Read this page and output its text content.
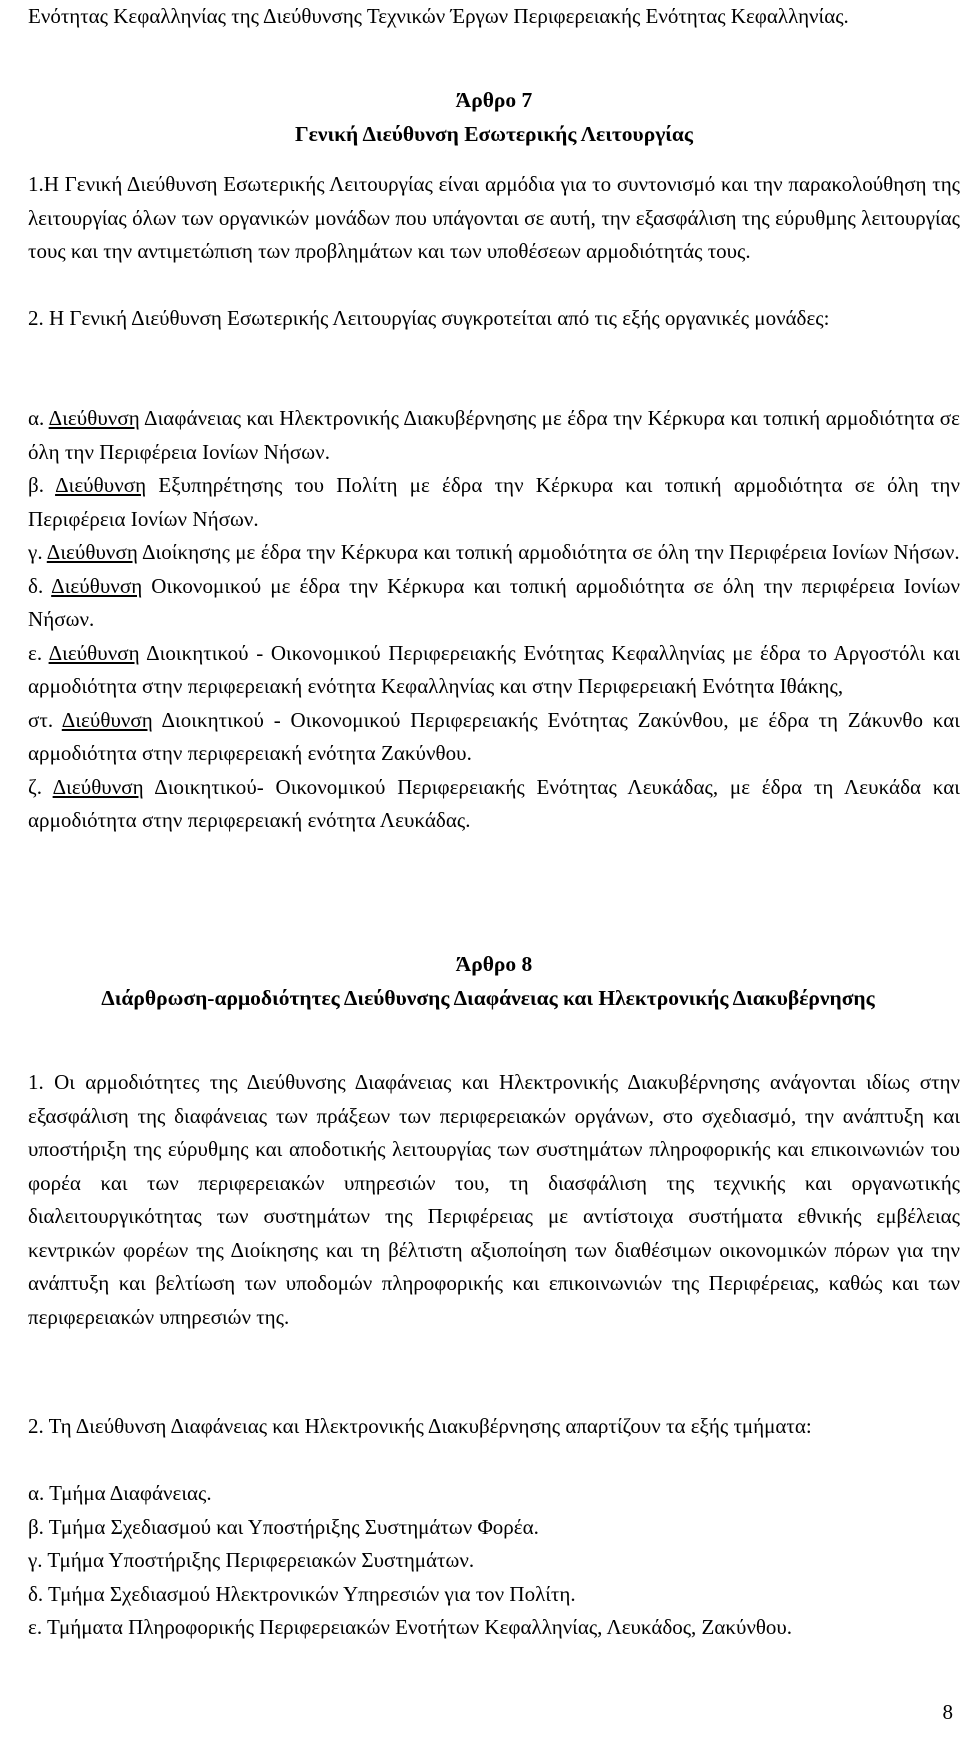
Ενότητας Κεφαλληνίας της Διεύθυνσης Τεχνικών Έργων Περιφερειακής Ενότητας Κεφαλληνίας.

Άρθρο 7

Γενική Διεύθυνση Εσωτερικής Λειτουργίας

1.Η Γενική Διεύθυνση Εσωτερικής Λειτουργίας είναι αρμόδια για το συντονισμό και την παρακολούθηση της λειτουργίας όλων των οργανικών μονάδων που υπάγονται σε αυτή, την εξασφάλιση της εύρυθμης λειτουργίας τους και την αντιμετώπιση των προβλημάτων και των υποθέσεων αρμοδιότητάς τους.

2. Η Γενική Διεύθυνση Εσωτερικής Λειτουργίας συγκροτείται από τις εξής οργανικές μονάδες:

α. Διεύθυνση Διαφάνειας και Ηλεκτρονικής Διακυβέρνησης με έδρα την Κέρκυρα και τοπική αρμοδιότητα σε όλη την Περιφέρεια Ιονίων Νήσων.

β. Διεύθυνση Εξυπηρέτησης του Πολίτη με έδρα την Κέρκυρα και τοπική αρμοδιότητα σε όλη την Περιφέρεια Ιονίων Νήσων.

γ. Διεύθυνση Διοίκησης με έδρα την Κέρκυρα και τοπική αρμοδιότητα σε όλη την Περιφέρεια Ιονίων Νήσων.

δ. Διεύθυνση Οικονομικού με έδρα την Κέρκυρα και τοπική αρμοδιότητα σε όλη την περιφέρεια Ιονίων Νήσων.

ε. Διεύθυνση Διοικητικού - Οικονομικού Περιφερειακής Ενότητας Κεφαλληνίας με έδρα το Αργοστόλι και αρμοδιότητα στην περιφερειακή ενότητα Κεφαλληνίας και στην Περιφερειακή Ενότητα Ιθάκης,

στ. Διεύθυνση Διοικητικού - Οικονομικού Περιφερειακής Ενότητας Ζακύνθου, με έδρα τη Ζάκυνθο και αρμοδιότητα στην περιφερειακή ενότητα Ζακύνθου.

ζ. Διεύθυνση Διοικητικού- Οικονομικού Περιφερειακής Ενότητας Λευκάδας, με έδρα τη Λευκάδα και αρμοδιότητα στην περιφερειακή ενότητα Λευκάδας.

Άρθρο 8

Διάρθρωση-αρμοδιότητες Διεύθυνσης Διαφάνειας και Ηλεκτρονικής Διακυβέρνησης

1. Οι αρμοδιότητες της Διεύθυνσης Διαφάνειας και Ηλεκτρονικής Διακυβέρνησης ανάγονται ιδίως στην εξασφάλιση της διαφάνειας των πράξεων των περιφερειακών οργάνων, στο σχεδιασμό, την ανάπτυξη και υποστήριξη της εύρυθμης και αποδοτικής λειτουργίας των συστημάτων πληροφορικής και επικοινωνιών του φορέα και των περιφερειακών υπηρεσιών του, τη διασφάλιση της τεχνικής και οργανωτικής διαλειτουργικότητας των συστημάτων της Περιφέρειας με αντίστοιχα συστήματα εθνικής εμβέλειας κεντρικών φορέων της Διοίκησης και τη βέλτιστη αξιοποίηση των διαθέσιμων οικονομικών πόρων για την ανάπτυξη και βελτίωση των υποδομών πληροφορικής και επικοινωνιών της Περιφέρειας, καθώς και των περιφερειακών υπηρεσιών της.

2. Τη Διεύθυνση Διαφάνειας και Ηλεκτρονικής Διακυβέρνησης απαρτίζουν τα εξής τμήματα:

α. Τμήμα Διαφάνειας.

β. Τμήμα Σχεδιασμού και Υποστήριξης Συστημάτων Φορέα.

γ. Τμήμα Υποστήριξης Περιφερειακών Συστημάτων.

δ. Τμήμα Σχεδιασμού Ηλεκτρονικών Υπηρεσιών για τον Πολίτη.

ε. Τμήματα Πληροφορικής Περιφερειακών Ενοτήτων Κεφαλληνίας, Λευκάδος, Ζακύνθου.

8
